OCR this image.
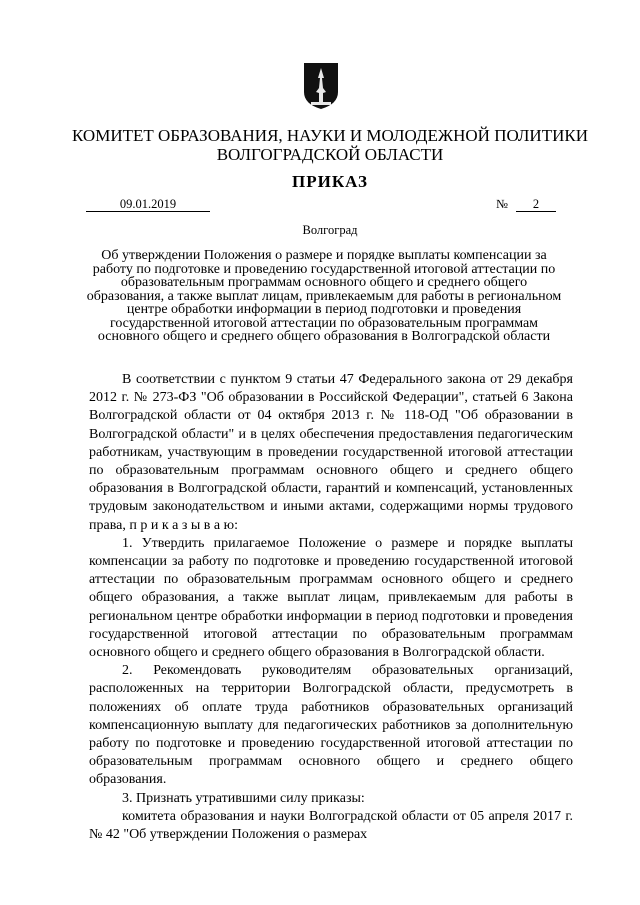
КОМИТЕТ ОБРАЗОВАНИЯ, НАУКИ И МОЛОДЕЖНОЙ ПОЛИТИКИ
ВОЛГОГРАДСКОЙ ОБЛАСТИ
ПРИКАЗ
09.01.2019	№	2
Волгоград
Об утверждении Положения о размере и порядке выплаты компенсации за работу по подготовке и проведению государственной итоговой аттестации по образовательным программам основного общего и среднего общего образования, а также выплат лицам, привлекаемым для работы в региональном центре обработки информации в период подготовки и проведения государственной итоговой аттестации по образовательным программам основного общего и среднего общего образования в Волгоградской области

В соответствии с пунктом 9 статьи 47 Федерального закона от 29 декабря 2012 г. № 273-ФЗ "Об образовании в Российской Федерации", статьей 6 Закона Волгоградской области от 04 октября 2013 г. № 118-ОД "Об образовании в Волгоградской области" и в целях обеспечения предоставления педагогическим работникам, участвующим в проведении государственной итоговой аттестации по образовательным программам основного общего и среднего общего образования в Волгоградской области, гарантий и компенсаций, установленных трудовым законодательством и иными актами, содержащими нормы трудового права, п р и к а з ы в а ю:

1. Утвердить прилагаемое Положение о размере и порядке выплаты компенсации за работу по подготовке и проведению государственной итоговой аттестации по образовательным программам основного общего и среднего общего образования, а также выплат лицам, привлекаемым для работы в региональном центре обработки информации в период подготовки и проведения государственной итоговой аттестации по образовательным программам основного общего и среднего общего образования в Волгоградской области.

2. Рекомендовать руководителям образовательных организаций, расположенных на территории Волгоградской области, предусмотреть в положениях об оплате труда работников образовательных организаций компенсационную выплату для педагогических работников за дополнительную работу по подготовке и проведению государственной итоговой аттестации по образовательным программам основного общего и среднего общего образования.

3. Признать утратившими силу приказы:

комитета образования и науки Волгоградской области от 05 апреля 2017 г. № 42 "Об утверждении Положения о размерах
